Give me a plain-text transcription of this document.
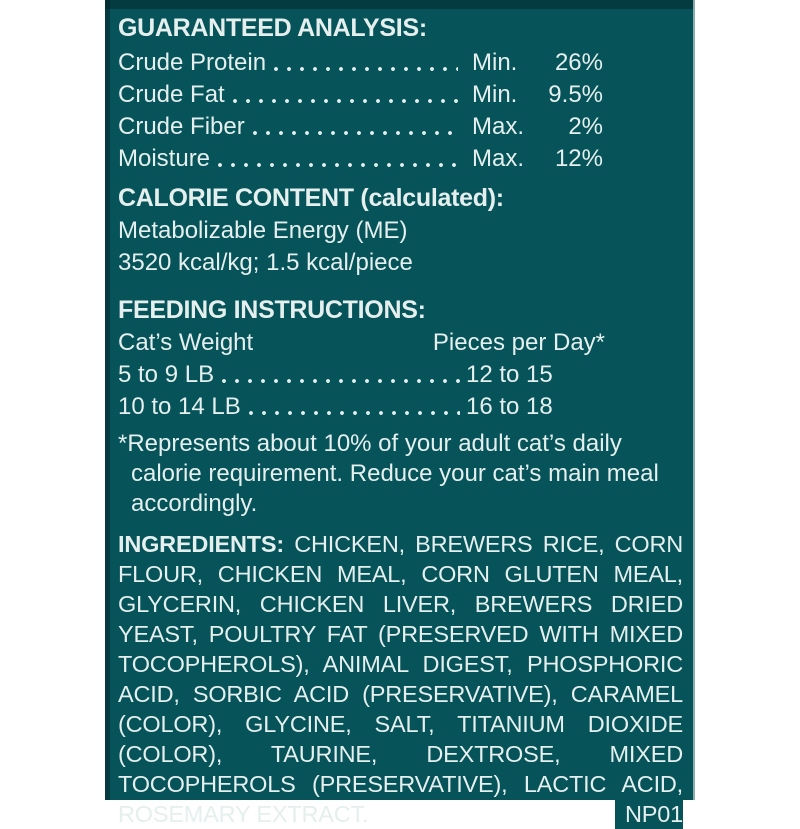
GUARANTEED ANALYSIS:
Crude Protein	Min.	26%
Crude Fat	Min.	9.5%
Crude Fiber	Max.	2%
Moisture	Max.	12%
CALORIE CONTENT (calculated):
Metabolizable Energy (ME)
3520 kcal/kg; 1.5 kcal/piece
FEEDING INSTRUCTIONS:
Cat’s Weight	Pieces per Day*
5 to 9 LB	12 to 15
10 to 14 LB	16 to 18
*Represents about 10% of your adult cat’s daily calorie requirement. Reduce your cat’s main meal accordingly.
INGREDIENTS: CHICKEN, BREWERS RICE, CORN FLOUR, CHICKEN MEAL, CORN GLUTEN MEAL, GLYCERIN, CHICKEN LIVER, BREWERS DRIED YEAST, POULTRY FAT (PRESERVED WITH MIXED TOCOPHEROLS), ANIMAL DIGEST, PHOSPHORIC ACID, SORBIC ACID (PRESERVATIVE), CARAMEL (COLOR), GLYCINE, SALT, TITANIUM DIOXIDE (COLOR), TAURINE, DEXTROSE, MIXED TOCOPHEROLS (PRESERVATIVE), LACTIC ACID, ROSEMARY EXTRACT.	NP01
